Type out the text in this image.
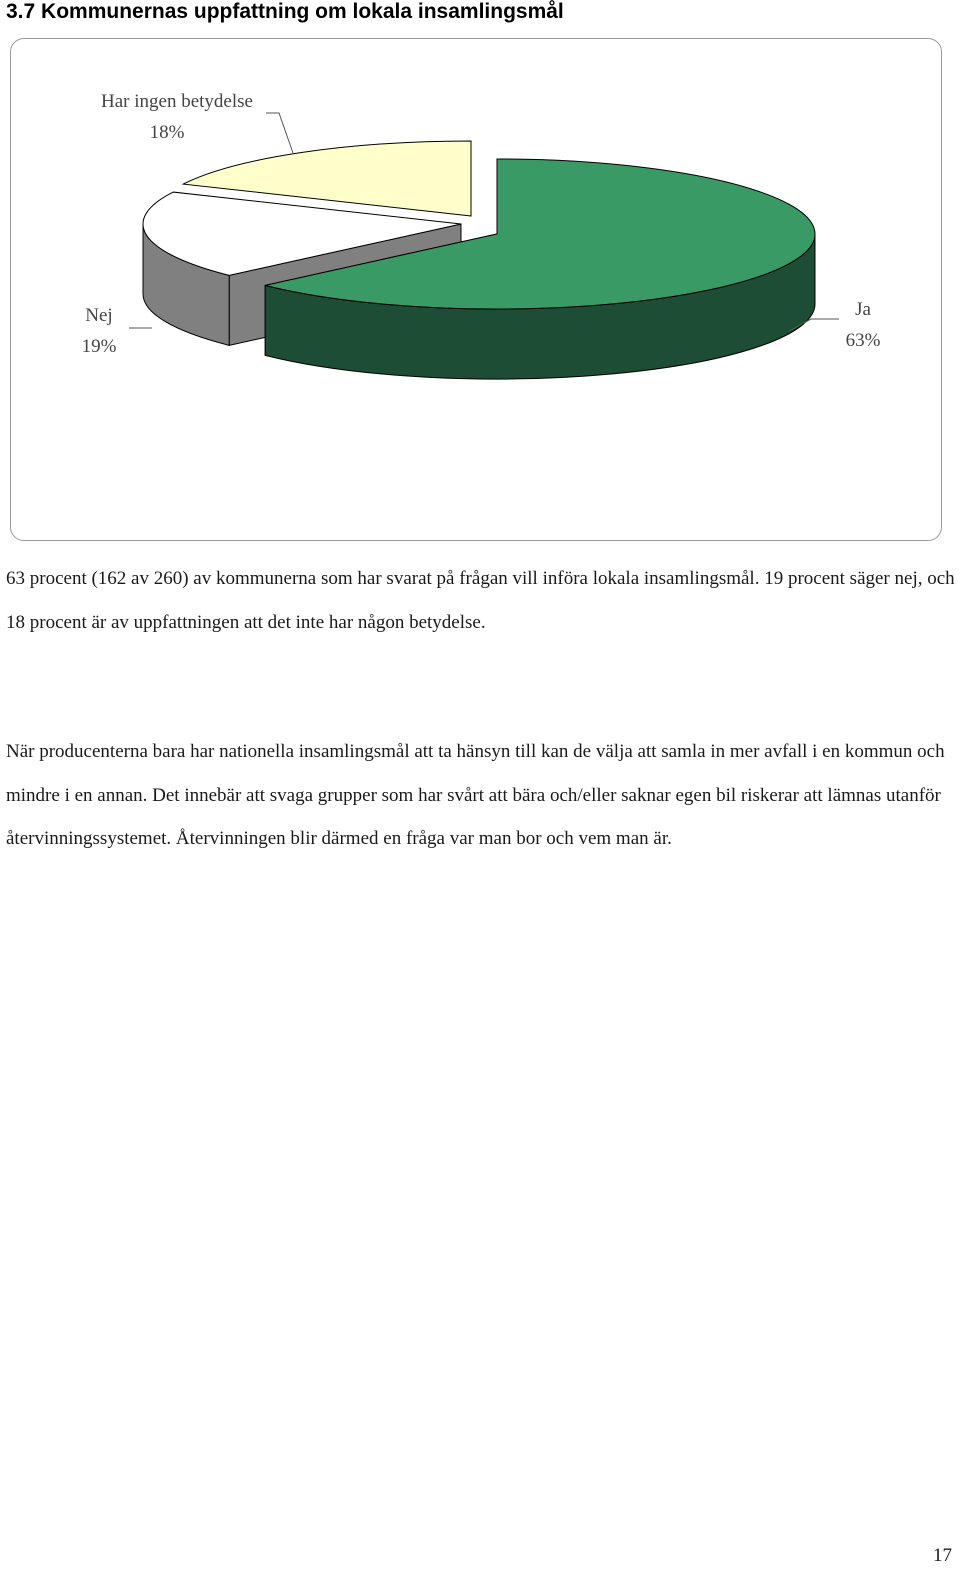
3.7 Kommunernas uppfattning om lokala insamlingsmål
Har ingen betydelse
18%
Nej
19%
Ja
63%

63 procent (162 av 260) av kommunerna som har svarat på frågan vill införa lokala insamlingsmål. 19 procent säger nej, och 18 procent är av uppfattningen att det inte har någon betydelse.

När producenterna bara har nationella insamlingsmål att ta hänsyn till kan de välja att samla in mer avfall i en kommun och mindre i en annan. Det innebär att svaga grupper som har svårt att bära och/eller saknar egen bil riskerar att lämnas utanför återvinningssystemet. Återvinningen blir därmed en fråga var man bor och vem man är.

17
